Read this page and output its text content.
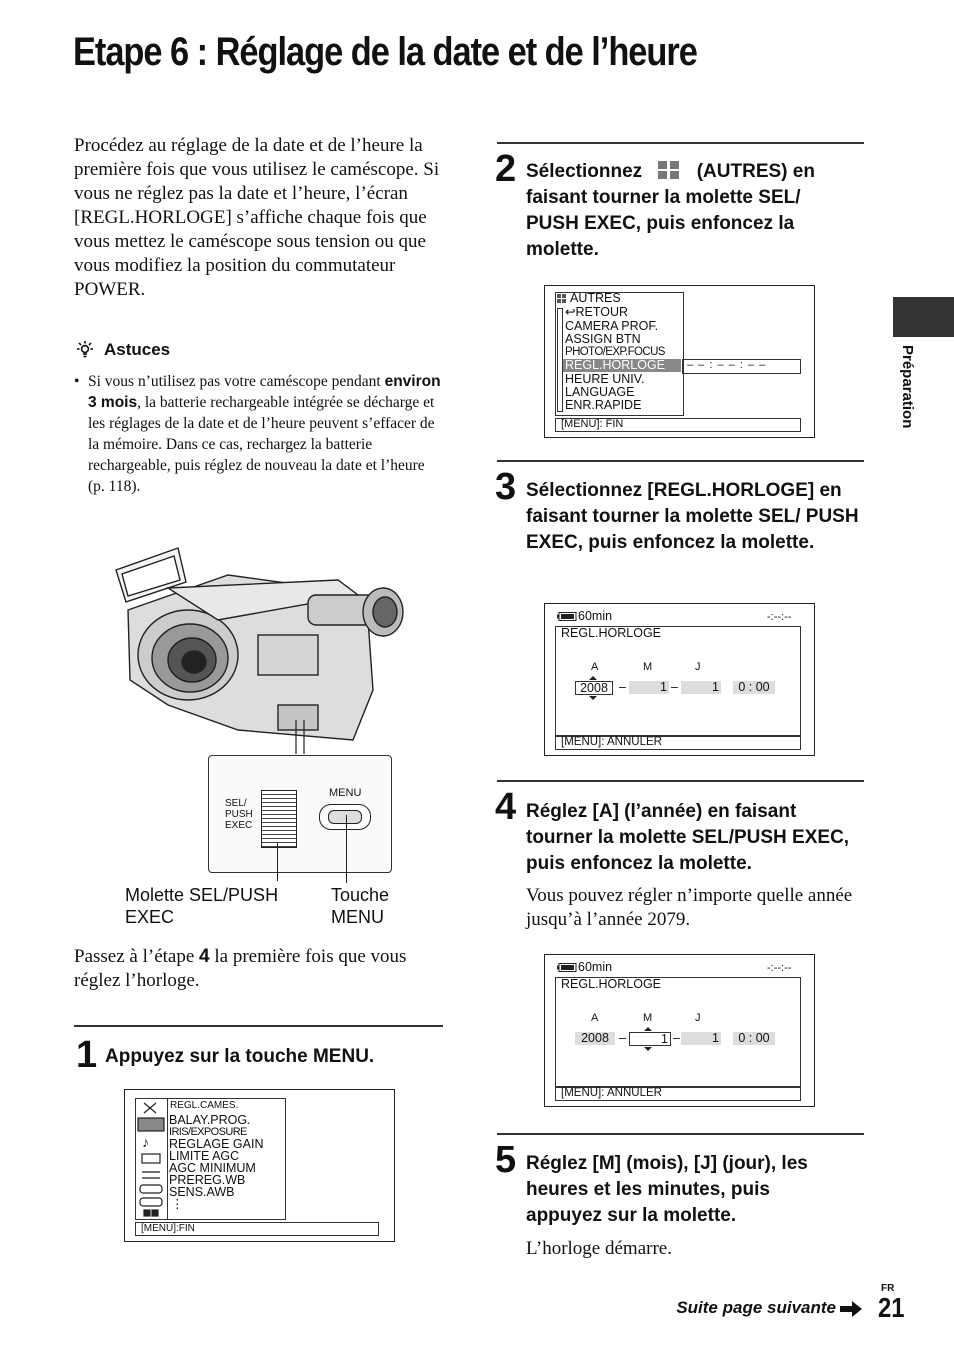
Etape 6 : Réglage de la date et de l’heure
Procédez au réglage de la date et de l’heure la première fois que vous utilisez le caméscope. Si vous ne réglez pas la date et l’heure, l’écran [REGL.HORLOGE] s’affiche chaque fois que vous mettez le caméscope sous tension ou que vous modifiez la position du commutateur POWER.
Astuces
• Si vous n’utilisez pas votre caméscope pendant environ 3 mois, la batterie rechargeable intégrée se décharge et les réglages de la date et de l’heure peuvent s’effacer de la mémoire. Dans ce cas, rechargez la batterie rechargeable, puis réglez de nouveau la date et l’heure (p. 118).
SEL/
PUSH
EXEC
MENU
Molette SEL/PUSH
EXEC
Touche
MENU
Passez à l’étape 4 la première fois que vous réglez l’horloge.
1 Appuyez sur la touche MENU.
♪
REGL.CAMES.
BALAY.PROG.
IRIS/EXPOSURE
REGLAGE GAIN
LIMITE AGC
AGC MINIMUM
PREREG.WB
SENS.AWB
⋮
[MENU]:FIN
2 Sélectionnez	(AUTRES) en faisant tourner la molette SEL/ PUSH EXEC, puis enfoncez la molette.
AUTRES
↩RETOUR
CAMERA PROF.
ASSIGN BTN
PHOTO/EXP.FOCUS
REGL.HORLOGE
HEURE UNIV.
LANGUAGE
ENR.RAPIDE
– – : – – : – –
[MENU]: FIN
3 Sélectionnez [REGL.HORLOGE] en faisant tourner la molette SEL/ PUSH EXEC, puis enfoncez la molette.
60min	-:--:--
REGL.HORLOGE
A	M	J
2008 –	1 –	1	0 : 00
[MENU]: ANNULER
4 Réglez [A] (l’année) en faisant tourner la molette SEL/PUSH EXEC, puis enfoncez la molette.
Vous pouvez régler n’importe quelle année jusqu’à l’année 2079.
60min	-:--:--
REGL.HORLOGE
A	M	J
2008 –	1 –	1	0 : 00
[MENU]: ANNULER
5 Réglez [M] (mois), [J] (jour), les heures et les minutes, puis appuyez sur la molette.
L’horloge démarre.
Préparation
Suite page suivante
FR
21
